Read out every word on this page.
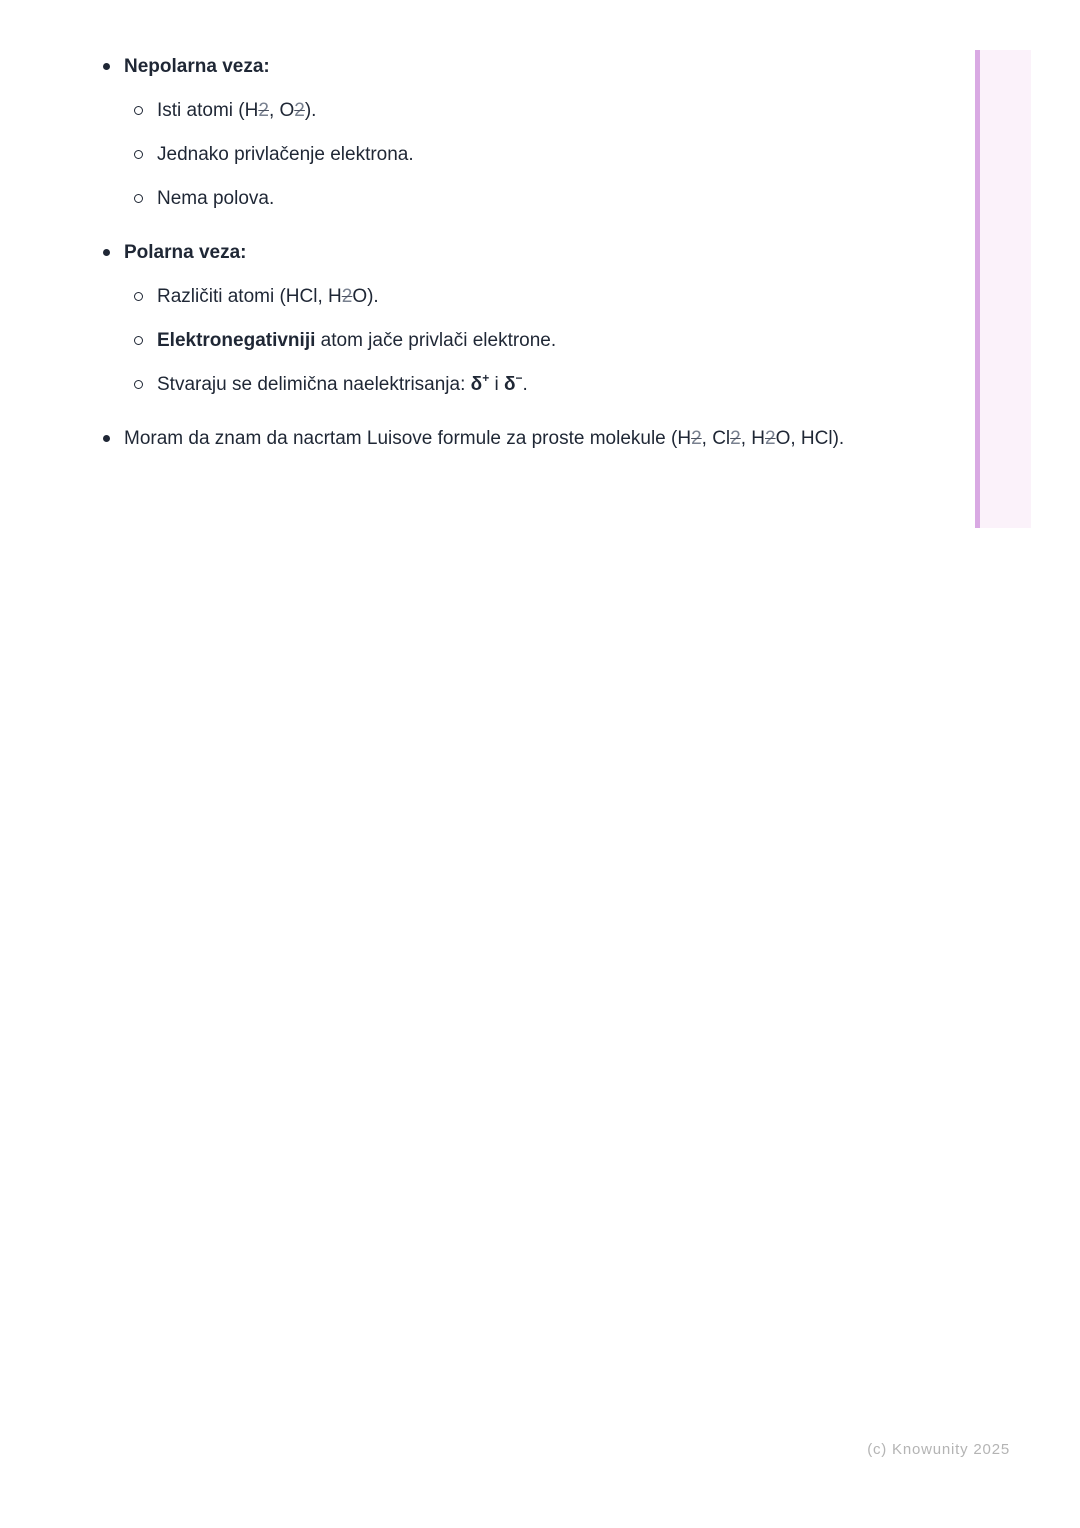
Nepolarna veza:
Isti atomi (H2, O2).
Jednako privlačenje elektrona.
Nema polova.
Polarna veza:
Različiti atomi (HCl, H2O).
Elektronegativniji atom jače privlači elektrone.
Stvaraju se delimična naelektrisanja: δ+ i δ−.
Moram da znam da nacrtam Luisove formule za proste molekule (H2, Cl2, H2O, HCl).
(c) Knowunity 2025
